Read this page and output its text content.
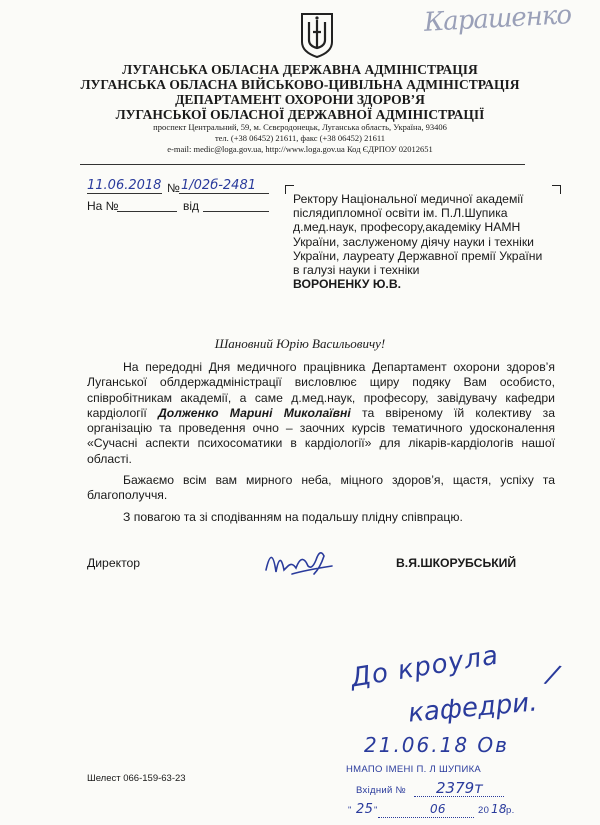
Карашенко
ЛУГАНСЬКА ОБЛАСНА ДЕРЖАВНА АДМІНІСТРАЦІЯ
ЛУГАНСЬКА ОБЛАСНА ВІЙСЬКОВО-ЦИВІЛЬНА АДМІНІСТРАЦІЯ
ДЕПАРТАМЕНТ ОХОРОНИ ЗДОРОВ’Я
ЛУГАНСЬКОЇ ОБЛАСНОЇ ДЕРЖАВНОЇ АДМІНІСТРАЦІЇ
проспект Центральний, 59, м. Сєвєродонецьк, Луганська область, Україна, 93406
тел. (+38 06452) 21611, факс (+38 06452) 21611
e-mail: medic@loga.gov.ua, http://www.loga.gov.ua Код ЄДРПОУ 02012651
11.06.2018 № 1/02б-2481
На №	від	Ректору Національної медичної академії
післядипломної освіти ім. П.Л.Шупика
д.мед.наук, професору,академіку НАМН
України, заслуженому діячу науки і техніки
України, лауреату Державної премії України
в галузі науки і техніки
ВОРОНЕНКУ Ю.В.
Шановний Юрію Васильовичу!

На передодні Дня медичного працівника Департамент охорони здоров’я Луганської облдержадміністрації висловлює щиру подяку Вам особисто, співробітникам академії, а саме д.мед.наук, професору, завідувачу кафедри кардіології Долженко Марині Миколаївні та ввіреному їй колективу за організацію та проведення очно – заочних курсів тематичного удосконалення «Сучасні аспекти психосоматики в кардіології» для лікарів-кардіологів нашої області.

Бажаємо всім вам мирного неба, міцного здоров’я, щастя, успіху та благополуччя.

З повагою та зі сподіванням на подальшу плідну співпрацю.

Директор	В.Я.ШКОРУБСЬКИЙ
До кроула /
кафедри.
21.06.18 Ов
НМАПО ІМЕНІ П. Л ШУПИКА
Вхідний № 2379т
" 25 "	06	20 18 р.
Шелест 066-159-63-23
